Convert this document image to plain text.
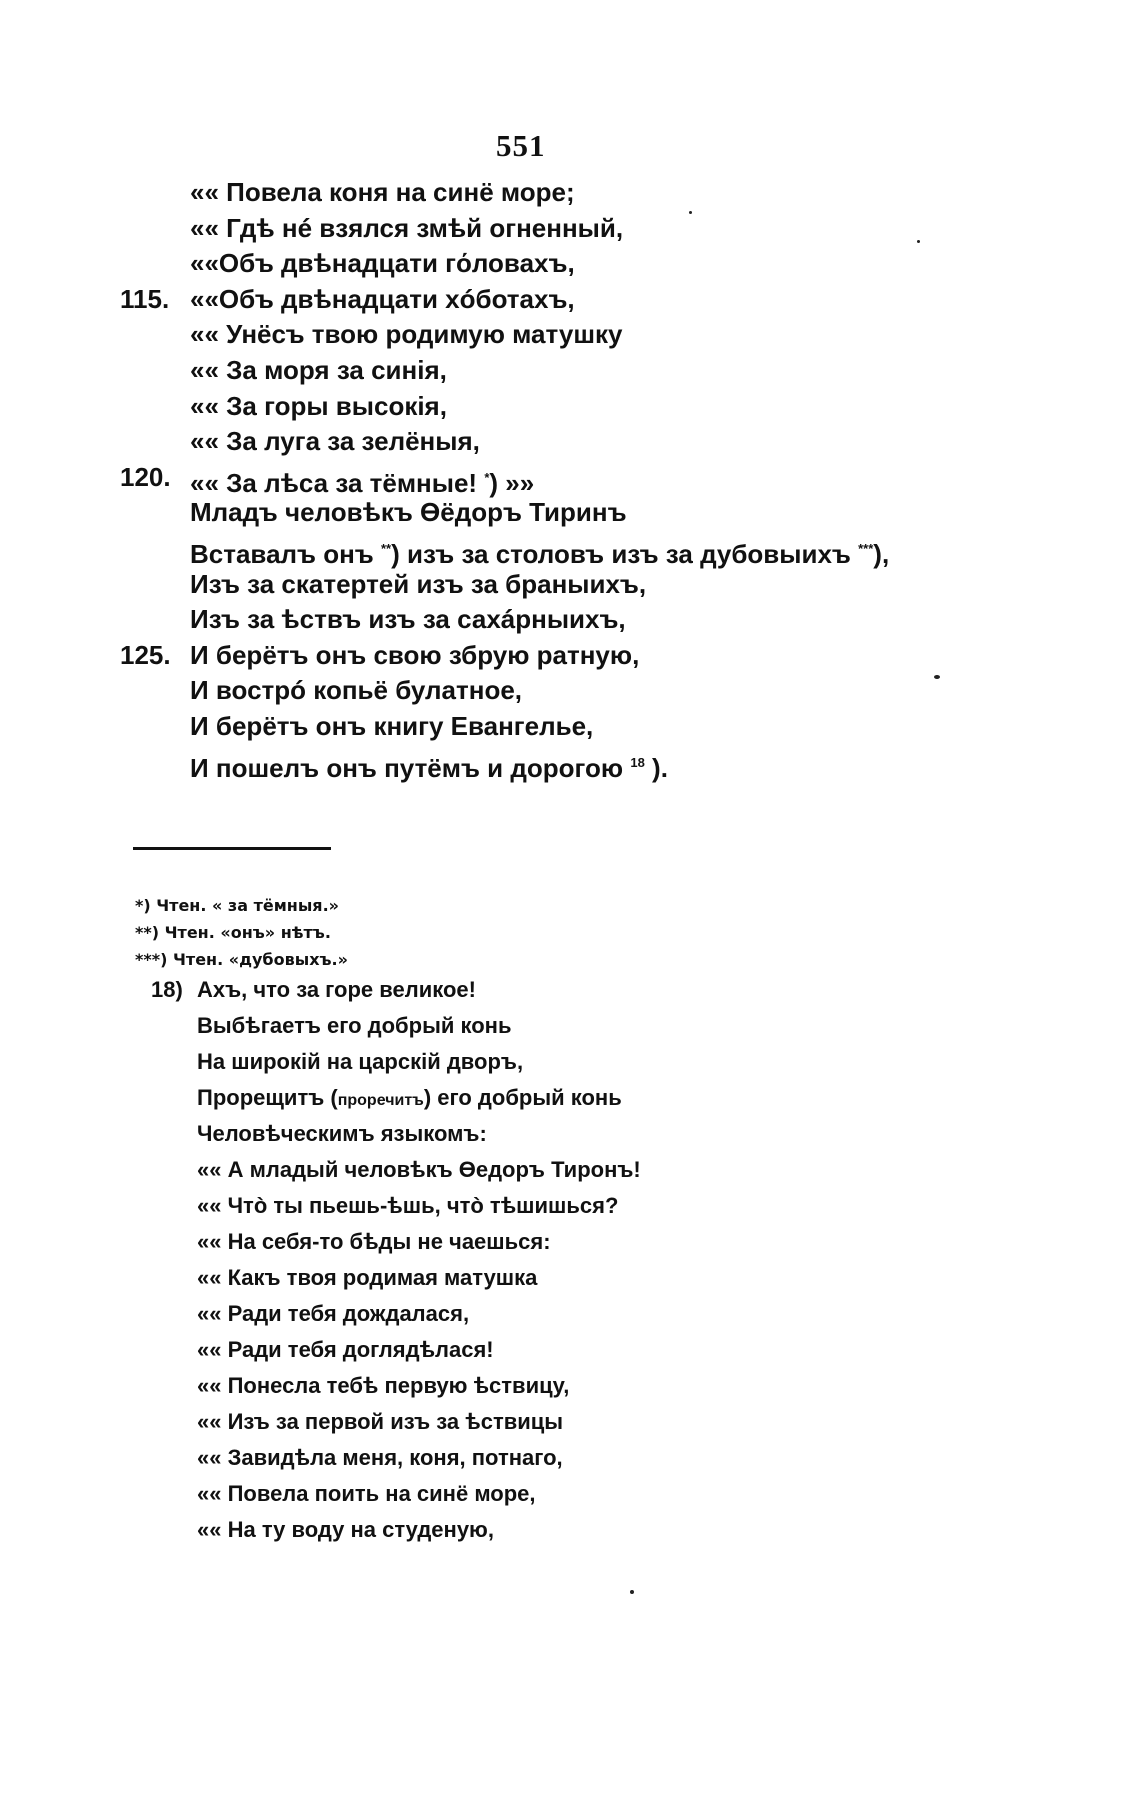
551
«« Повела коня на синё море;
«« Гдѣ нé взялся змѣй огненный,
««Объ двѣнадцати гόловахъ,
115. ««Объ двѣнадцати хóботахъ,
«« Унёсъ твою родимую матушку
«« За моря за синія,
«« За горы высокія,
«« За луга за зелёныя,
120. «« За лѣса за тёмные! *) »»
Младъ человѣкъ Өёдоръ Тиринъ
Вставалъ онъ **) изъ за столовъ изъ за дубовыихъ ***),
Изъ за скатертей изъ за браныихъ,
Изъ за ѣствъ изъ за сахáрныихъ,
125. И берётъ онъ свою збрую ратную,
И вострó копьё булатное,
И берётъ онъ книгу Евангелье,
И пошелъ онъ путёмъ и дорогою $^{18}$ ).
*) Чтен. « за тёмныя.»
**) Чтен. «онъ» нѣтъ.
***) Чтен. «дубовыхъ.»
18) Ахъ, что за горе великое!
Выбѣгаетъ его добрый конь
На широкій на царскій дворъ,
Прорещитъ (проречитъ) его добрый конь
Человѣческимъ языкомъ:
«« А младый человѣкъ Өедоръ Тиронъ!
«« Чтò ты пьешь-ѣшь, чтò тѣшишься?
«« На себя-то бѣды не чаешься:
«« Какъ твоя родимая матушка
«« Ради тебя дождалася,
«« Ради тебя доглядѣлася!
«« Понесла тебѣ первую ѣствицу,
«« Изъ за первой изъ за ѣствицы
«« Завидѣла меня, коня, потнаго,
«« Повела поить на синё море,
«« На ту воду на студеную,
